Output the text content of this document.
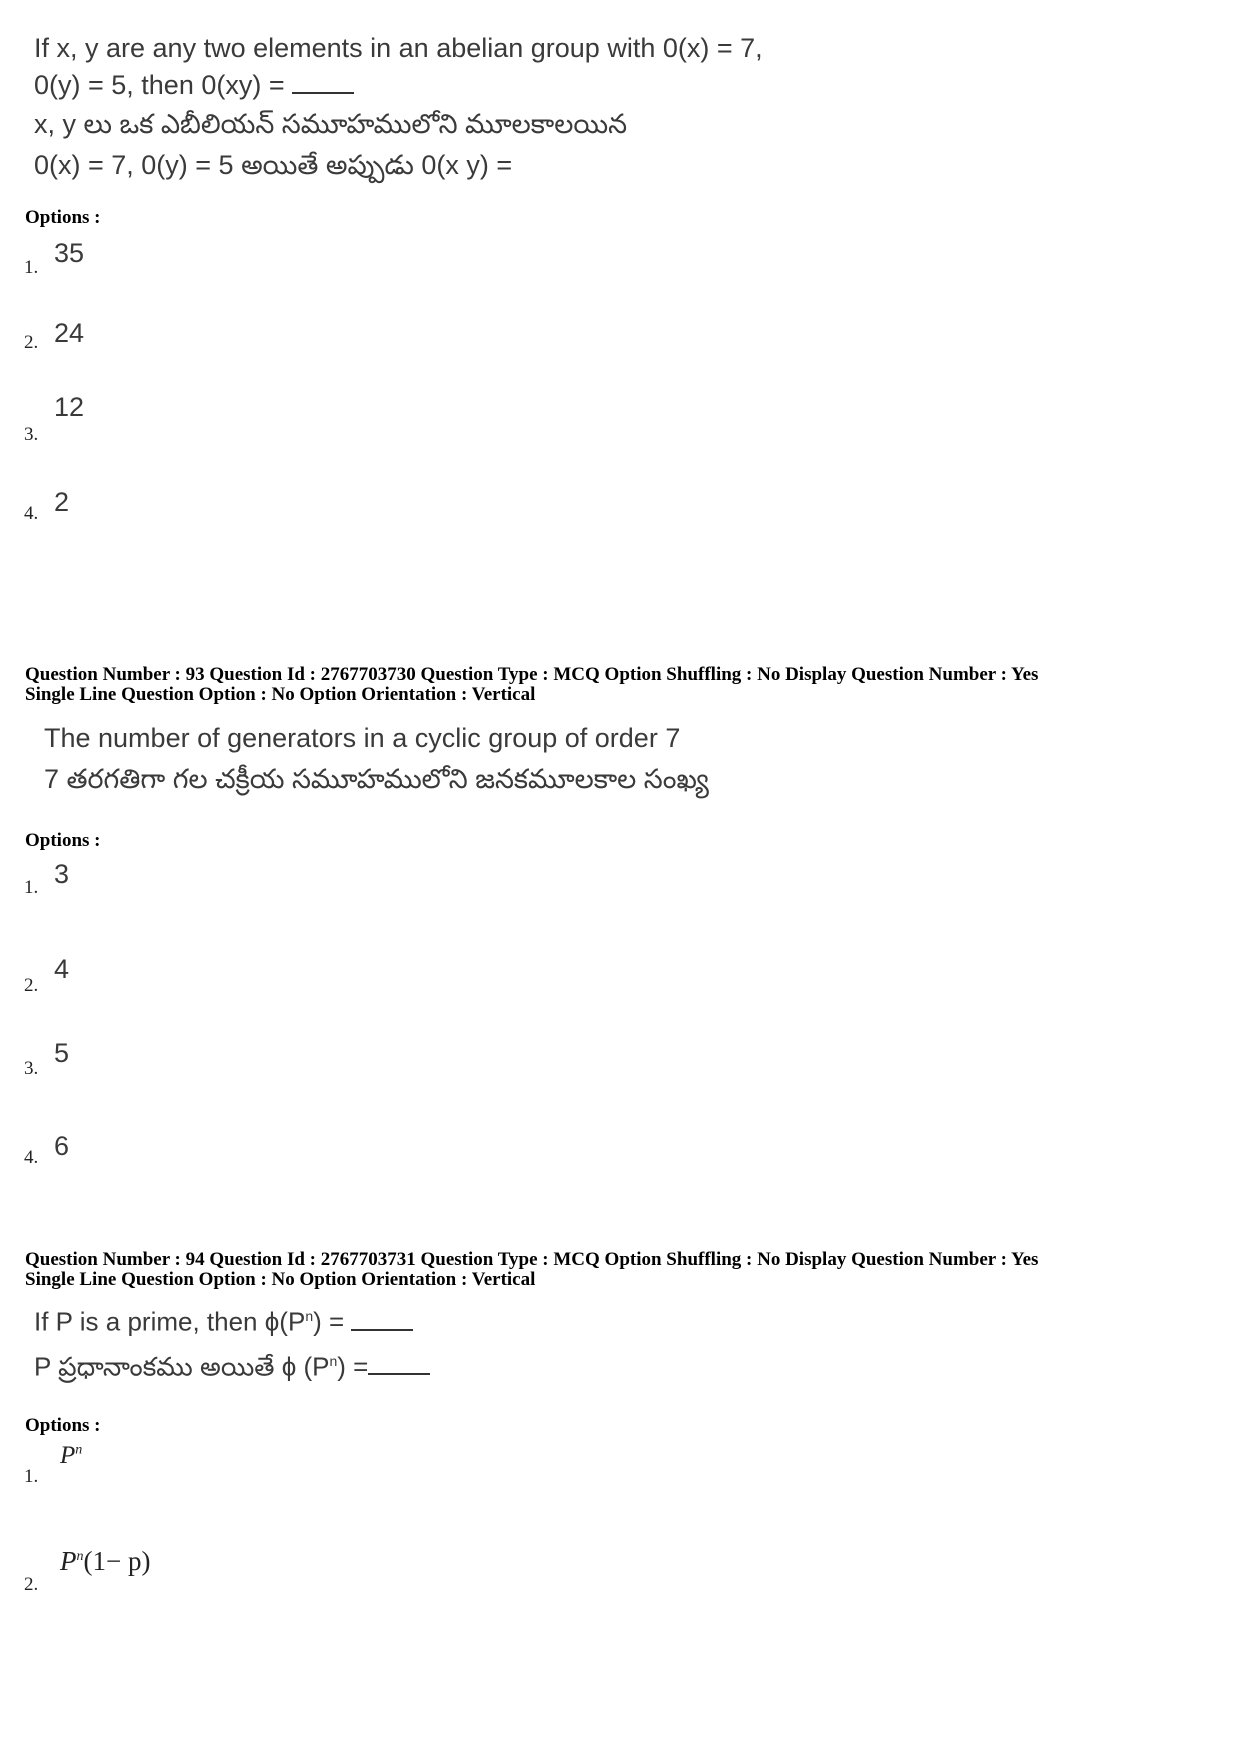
If x, y are any two elements in an abelian group with 0(x) = 7,
0(y) = 5, then 0(xy) =
x, y లు ఒక ఎబీలియన్ సమూహములోని మూలకాలయిన
0(x) = 7, 0(y) = 5 అయితే అప్పుడు 0(x y) =
Options :
1. 35
2. 24
3.
12
4. 2
Question Number : 93 Question Id : 2767703730 Question Type : MCQ Option Shuffling : No Display Question Number : Yes
Single Line Question Option : No Option Orientation : Vertical
The number of generators in a cyclic group of order 7
7 తరగతిగా గల చక్రీయ సమూహములోని జనకమూలకాల సంఖ్య
Options :
1. 3
2.
4
3.
5
4. 6
Question Number : 94 Question Id : 2767703731 Question Type : MCQ Option Shuffling : No Display Question Number : Yes
Single Line Question Option : No Option Orientation : Vertical
If P is a prime, then $\phi(P^n)$ =
P ప్రధానాంకము అయితే ϕ $(P^n)$ =
Options :
1.
$P^n$
2.
$P^n(1- p)$
